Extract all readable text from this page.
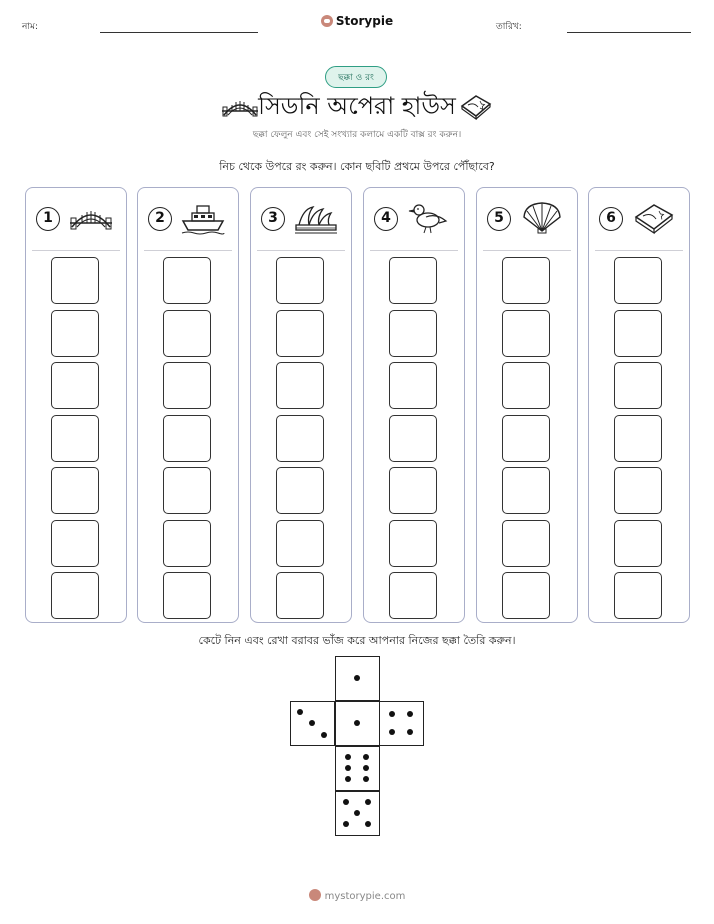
নাম:	Storypie	তারিখ:
ছক্কা ও রং
সিডনি অপেরা হাউস
ছক্কা ফেলুন এবং সেই সংখ্যার কলামে একটি বাক্স রং করুন।
নিচ থেকে উপরে রং করুন। কোন ছবিটি প্রথমে উপরে পৌঁছাবে?
1	2	3	4	5	6
কেটে নিন এবং রেখা বরাবর ভাঁজ করে আপনার নিজের ছক্কা তৈরি করুন।
mystorypie.com
